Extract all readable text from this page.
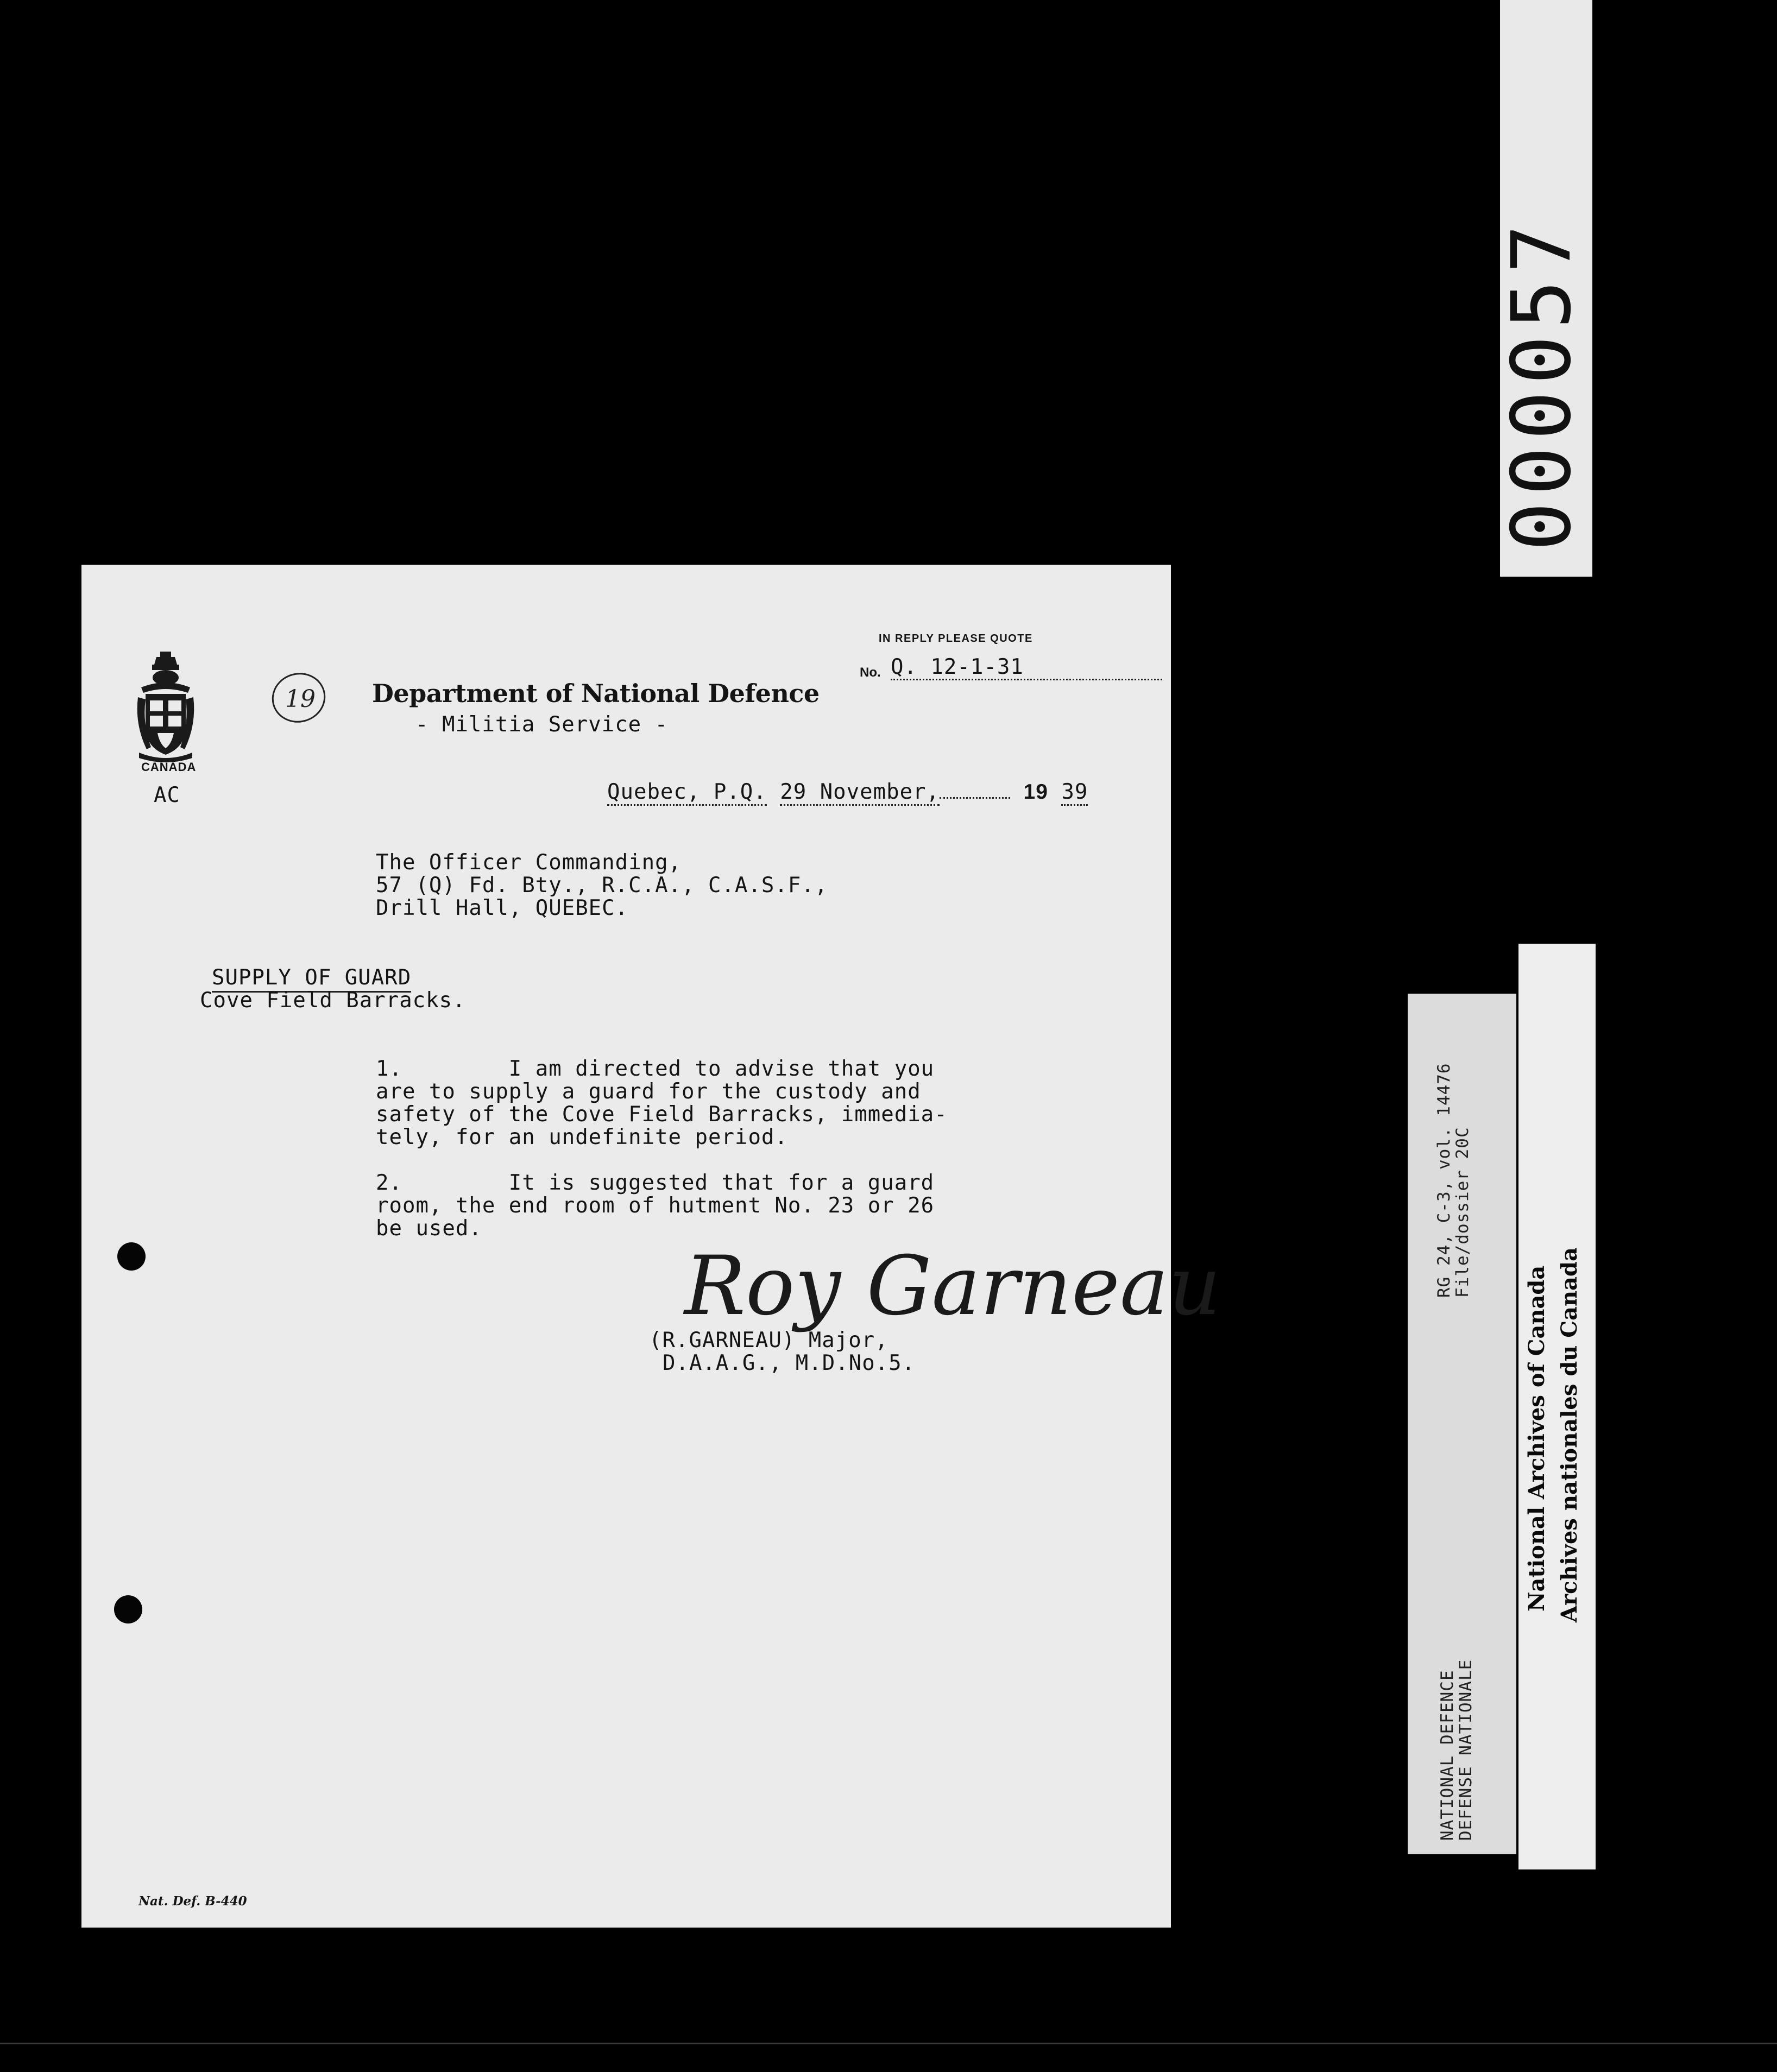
CANADA
AC
19 Department of National Defence
- Militia Service -
IN REPLY PLEASE QUOTE
No. Q. 12-1-31
Quebec, P.Q. 29 November,	19 39
The Officer Commanding,
57 (Q) Fd. Bty., R.C.A., C.A.S.F.,
Drill Hall, QUEBEC.
SUPPLY OF GUARD
Cove Field Barracks.
1.        I am directed to advise that you
are to supply a guard for the custody and
safety of the Cove Field Barracks, immedia-
tely, for an undefinite period.
2.        It is suggested that for a guard
room, the end room of hutment No. 23 or 26
be used.
Roy Garneau
(R.GARNEAU) Major,
D.A.A.G., M.D.No.5.
Nat. Def. B-440
000057
RG 24, C-3, vol. 14476
File/dossier 20C
NATIONAL DEFENCE
DEFENSE NATIONALE
National Archives of Canada Archives nationales du Canada
